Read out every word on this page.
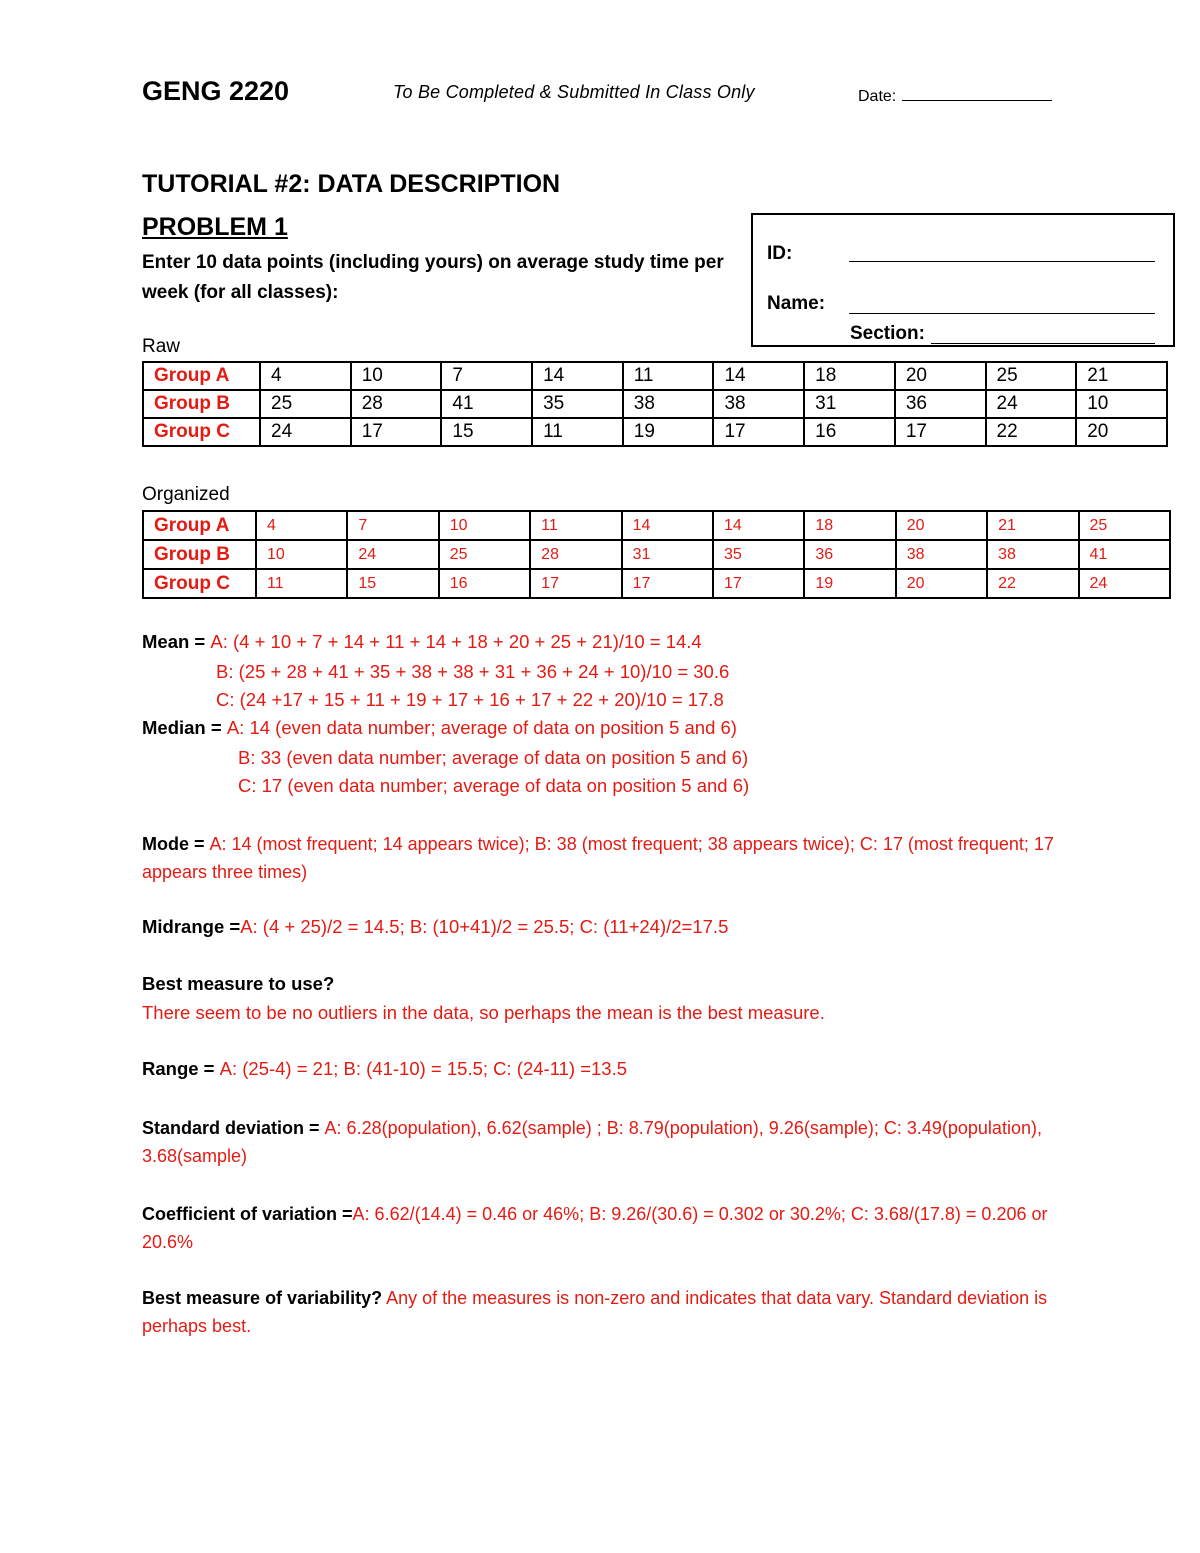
GENG 2220	To Be Completed & Submitted In Class Only	Date:
TUTORIAL #2: DATA DESCRIPTION
PROBLEM 1
Enter 10 data points (including yours) on average study time per week (for all classes):
ID:
Name:
Section:
Raw
Group A	4	10	7	14	11	14	18	20	25	21
Group B	25	28	41	35	38	38	31	36	24	10
Group C	24	17	15	11	19	17	16	17	22	20
Organized
Group A	4	7	10	11	14	14	18	20	21	25
Group B	10	24	25	28	31	35	36	38	38	41
Group C	11	15	16	17	17	17	19	20	22	24
Mean = A: (4 + 10 + 7 + 14 + 11 + 14 + 18 + 20 + 25 + 21)/10 = 14.4
B: (25 + 28 + 41 + 35 + 38 + 38 + 31 + 36 + 24 + 10)/10 = 30.6
C: (24 +17 + 15 + 11 + 19 + 17 + 16 + 17 + 22 + 20)/10 = 17.8
Median = A: 14 (even data number; average of data on position 5 and 6)
B: 33 (even data number; average of data on position 5 and 6)
C: 17 (even data number; average of data on position 5 and 6)
Mode = A: 14 (most frequent; 14 appears twice); B: 38 (most frequent; 38 appears twice); C: 17 (most frequent; 17 appears three times)
Midrange =A: (4 + 25)/2 = 14.5; B: (10+41)/2 = 25.5; C: (11+24)/2=17.5
Best measure to use?
There seem to be no outliers in the data, so perhaps the mean is the best measure.
Range = A: (25-4) = 21; B: (41-10) = 15.5; C: (24-11) =13.5
Standard deviation = A: 6.28(population), 6.62(sample) ; B: 8.79(population), 9.26(sample); C: 3.49(population), 3.68(sample)
Coefficient of variation =A: 6.62/(14.4) = 0.46 or 46%; B: 9.26/(30.6) = 0.302 or 30.2%; C: 3.68/(17.8) = 0.206 or 20.6%
Best measure of variability? Any of the measures is non-zero and indicates that data vary. Standard deviation is perhaps best.
